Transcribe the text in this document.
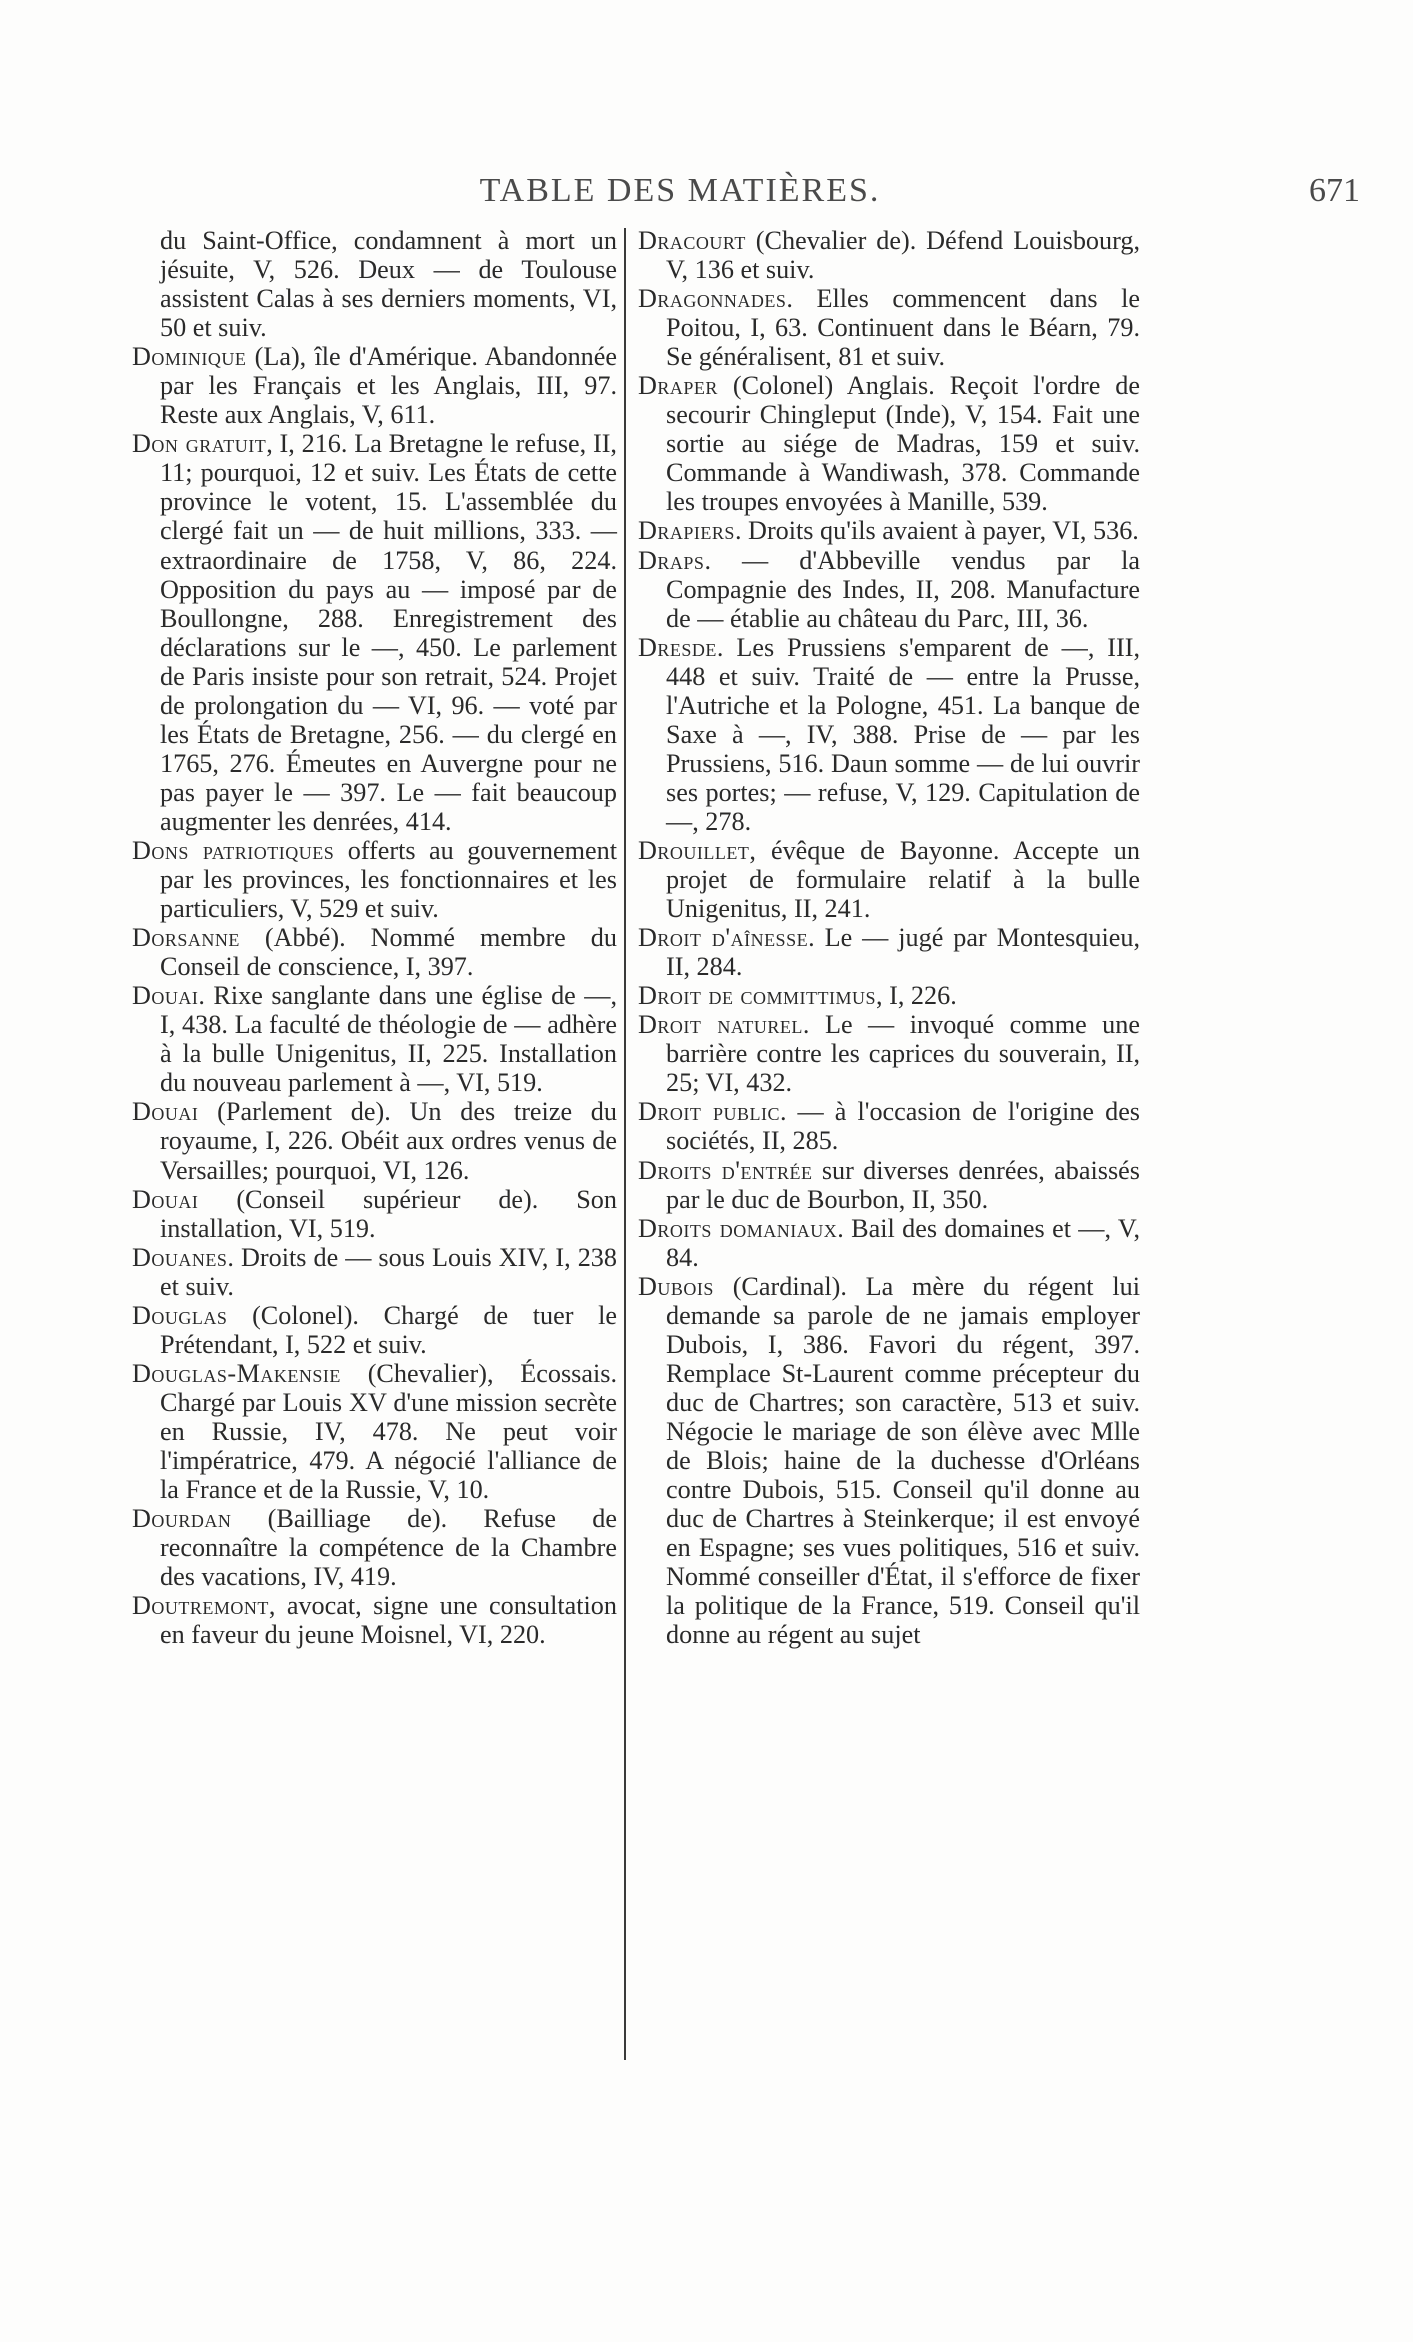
TABLE DES MATIÈRES.	671

du Saint-Office, condamnent à mort un jésuite, V, 526. Deux — de Toulouse assistent Calas à ses derniers moments, VI, 50 et suiv.

Dominique (La), île d'Amérique. Abandonnée par les Français et les Anglais, III, 97. Reste aux Anglais, V, 611.

Don gratuit, I, 216. La Bretagne le refuse, II, 11; pourquoi, 12 et suiv. Les États de cette province le votent, 15. L'assemblée du clergé fait un — de huit millions, 333. — extraordinaire de 1758, V, 86, 224. Opposition du pays au — imposé par de Boullongne, 288. Enregistrement des déclarations sur le —, 450. Le parlement de Paris insiste pour son retrait, 524. Projet de prolongation du — VI, 96. — voté par les États de Bretagne, 256. — du clergé en 1765, 276. Émeutes en Auvergne pour ne pas payer le — 397. Le — fait beaucoup augmenter les denrées, 414.

Dons patriotiques offerts au gouvernement par les provinces, les fonctionnaires et les particuliers, V, 529 et suiv.

Dorsanne (Abbé). Nommé membre du Conseil de conscience, I, 397.

Douai. Rixe sanglante dans une église de —, I, 438. La faculté de théologie de — adhère à la bulle Unigenitus, II, 225. Installation du nouveau parlement à —, VI, 519.

Douai (Parlement de). Un des treize du royaume, I, 226. Obéit aux ordres venus de Versailles; pourquoi, VI, 126.

Douai (Conseil supérieur de). Son installation, VI, 519.

Douanes. Droits de — sous Louis XIV, I, 238 et suiv.

Douglas (Colonel). Chargé de tuer le Prétendant, I, 522 et suiv.

Douglas-Makensie (Chevalier), Écossais. Chargé par Louis XV d'une mission secrète en Russie, IV, 478. Ne peut voir l'impératrice, 479. A négocié l'alliance de la France et de la Russie, V, 10.

Dourdan (Bailliage de). Refuse de reconnaître la compétence de la Chambre des vacations, IV, 419.

Doutremont, avocat, signe une consultation en faveur du jeune Moisnel, VI, 220.

Dracourt (Chevalier de). Défend Louisbourg, V, 136 et suiv.

Dragonnades. Elles commencent dans le Poitou, I, 63. Continuent dans le Béarn, 79. Se généralisent, 81 et suiv.

Draper (Colonel) Anglais. Reçoit l'ordre de secourir Chingleput (Inde), V, 154. Fait une sortie au siége de Madras, 159 et suiv. Commande à Wandiwash, 378. Commande les troupes envoyées à Manille, 539.

Drapiers. Droits qu'ils avaient à payer, VI, 536.

Draps. — d'Abbeville vendus par la Compagnie des Indes, II, 208. Manufacture de — établie au château du Parc, III, 36.

Dresde. Les Prussiens s'emparent de —, III, 448 et suiv. Traité de — entre la Prusse, l'Autriche et la Pologne, 451. La banque de Saxe à —, IV, 388. Prise de — par les Prussiens, 516. Daun somme — de lui ouvrir ses portes; — refuse, V, 129. Capitulation de —, 278.

Drouillet, évêque de Bayonne. Accepte un projet de formulaire relatif à la bulle Unigenitus, II, 241.

Droit d'aînesse. Le — jugé par Montesquieu, II, 284.

Droit de committimus, I, 226.

Droit naturel. Le — invoqué comme une barrière contre les caprices du souverain, II, 25; VI, 432.

Droit public. — à l'occasion de l'origine des sociétés, II, 285.

Droits d'entrée sur diverses denrées, abaissés par le duc de Bourbon, II, 350.

Droits domaniaux. Bail des domaines et —, V, 84.

Dubois (Cardinal). La mère du régent lui demande sa parole de ne jamais employer Dubois, I, 386. Favori du régent, 397. Remplace St-Laurent comme précepteur du duc de Chartres; son caractère, 513 et suiv. Négocie le mariage de son élève avec Mlle de Blois; haine de la duchesse d'Orléans contre Dubois, 515. Conseil qu'il donne au duc de Chartres à Steinkerque; il est envoyé en Espagne; ses vues politiques, 516 et suiv. Nommé conseiller d'État, il s'efforce de fixer la politique de la France, 519. Conseil qu'il donne au régent au sujet
